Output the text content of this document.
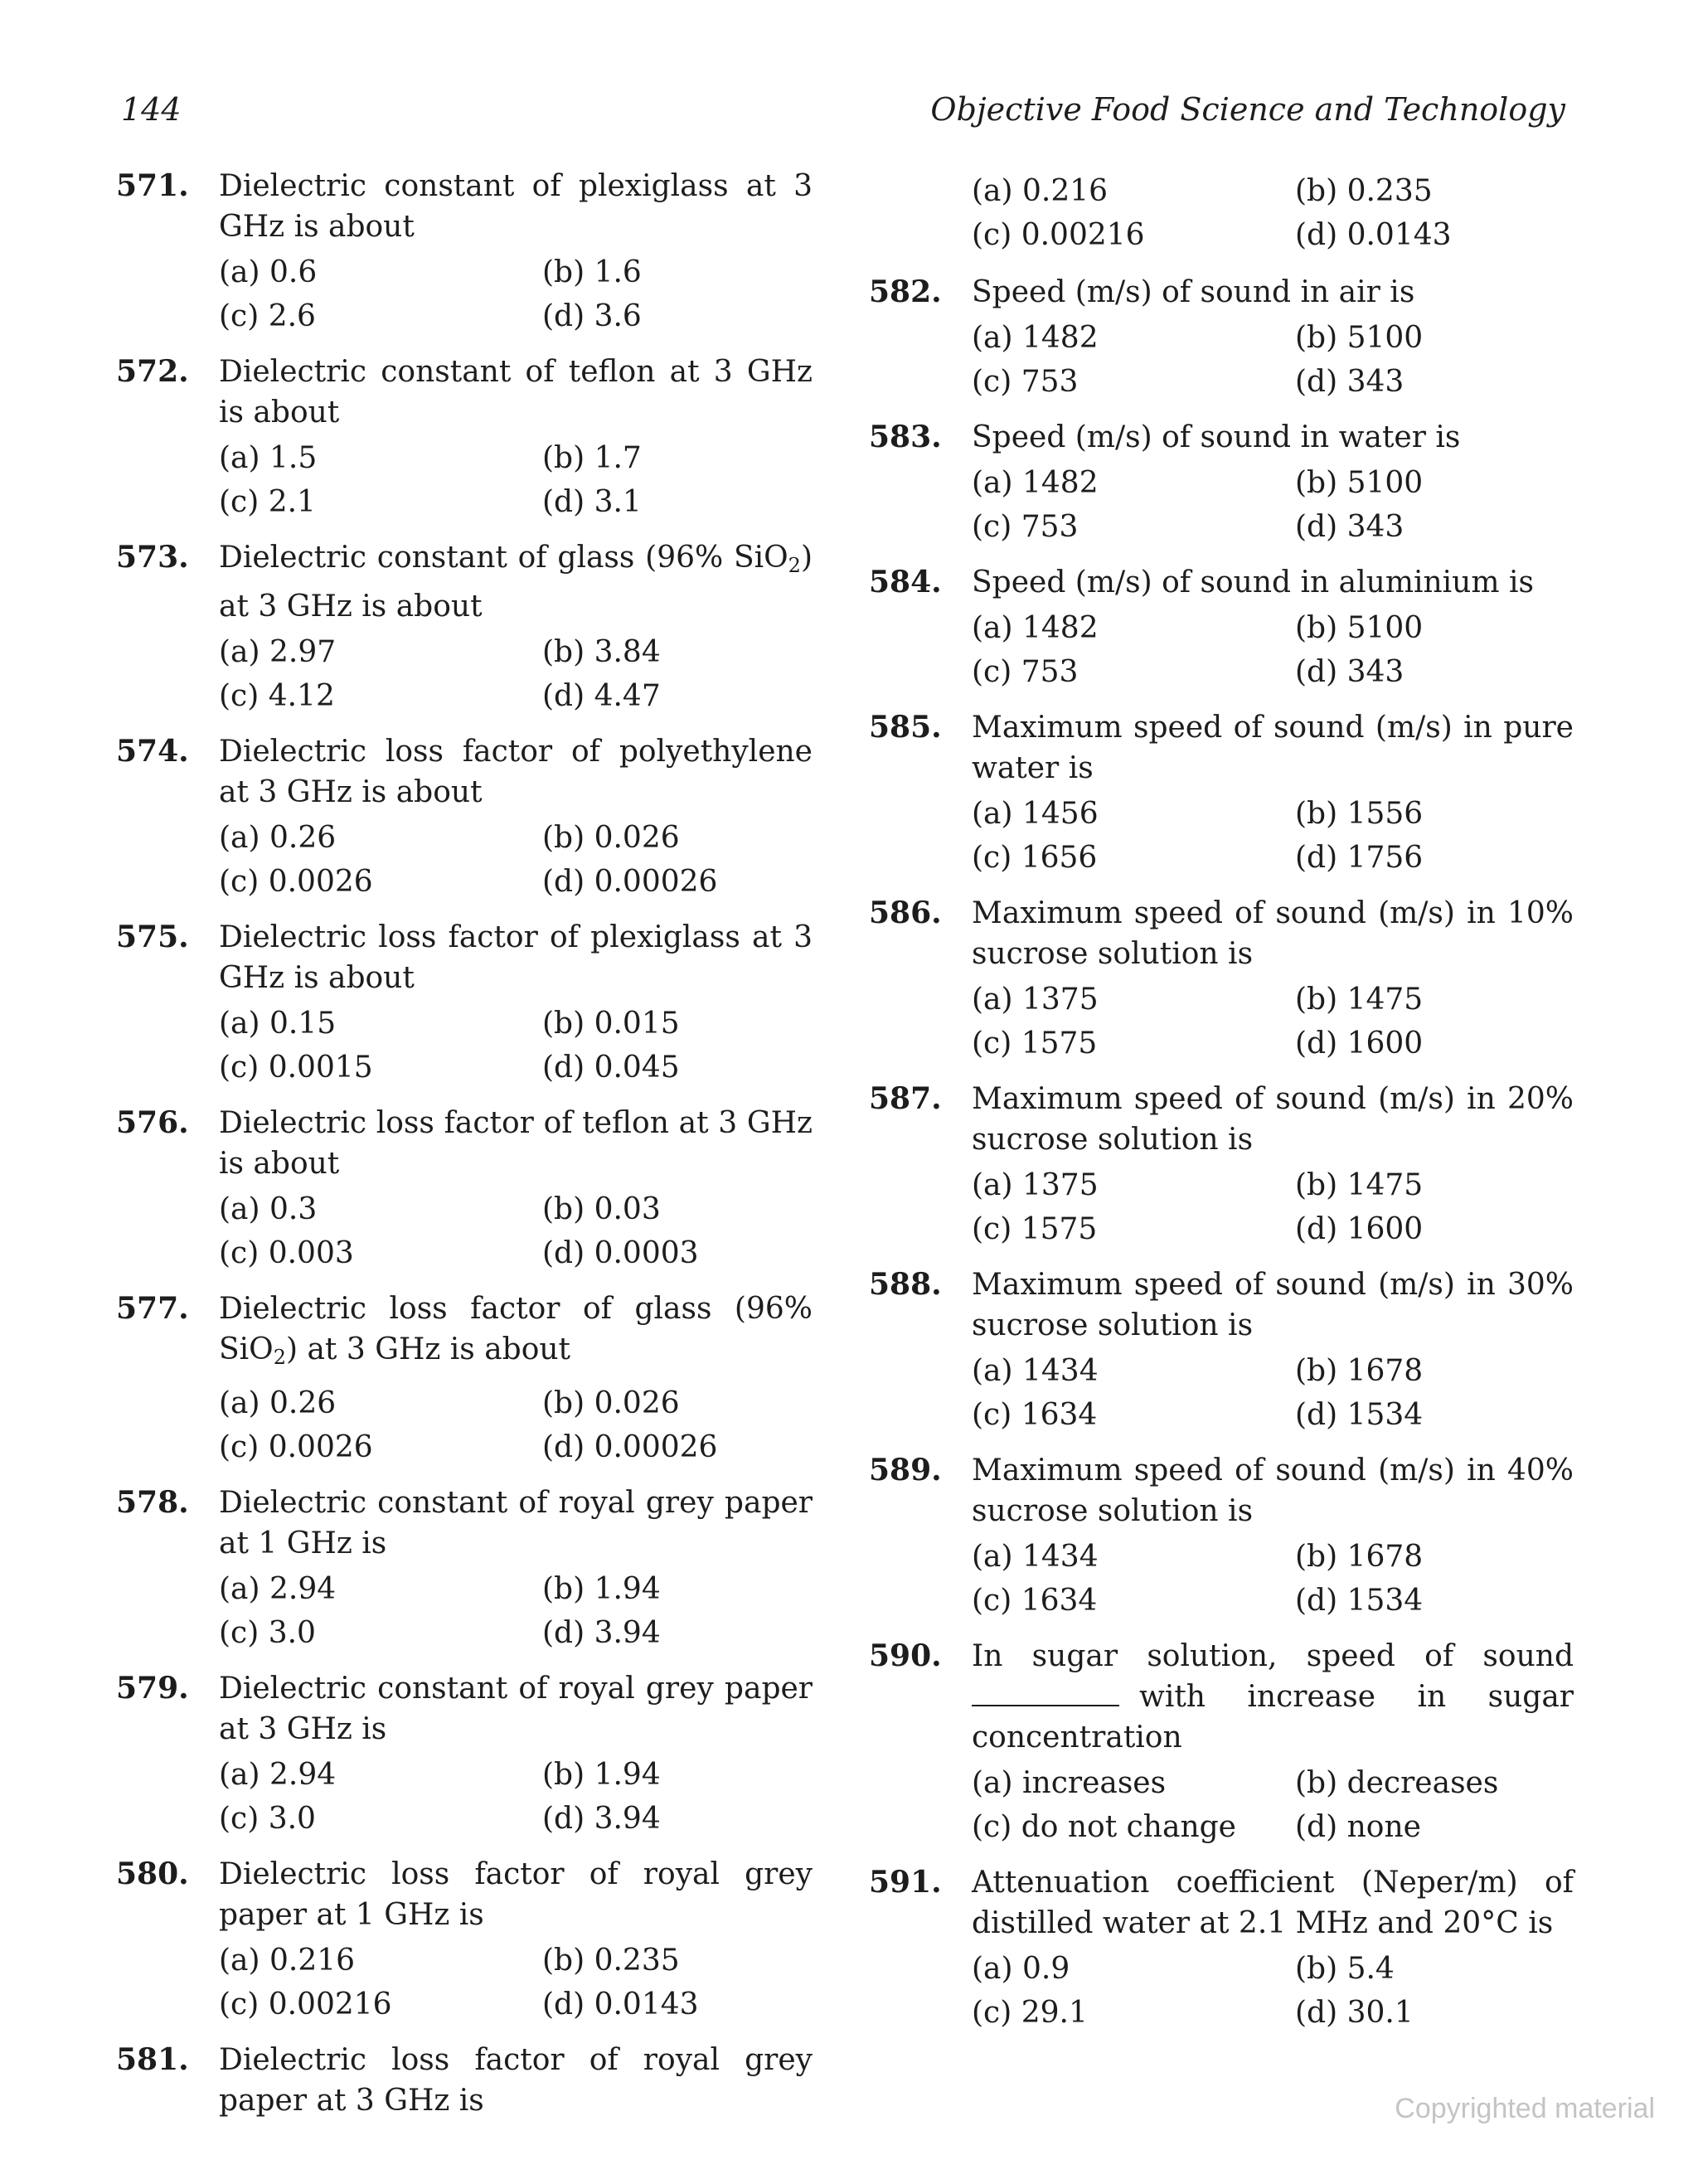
144	Objective Food Science and Technology
571. Dielectric constant of plexiglass at 3 GHz is about
(a) 0.6	(b) 1.6
(c) 2.6	(d) 3.6
572. Dielectric constant of teflon at 3 GHz is about
(a) 1.5	(b) 1.7
(c) 2.1	(d) 3.1
573. Dielectric constant of glass (96% SiO$_2$) at 3 GHz is about
(a) 2.97	(b) 3.84
(c) 4.12	(d) 4.47
574. Dielectric loss factor of polyethylene at 3 GHz is about
(a) 0.26	(b) 0.026
(c) 0.0026	(d) 0.00026
575. Dielectric loss factor of plexiglass at 3 GHz is about
(a) 0.15	(b) 0.015
(c) 0.0015	(d) 0.045
576. Dielectric loss factor of teflon at 3 GHz is about
(a) 0.3	(b) 0.03
(c) 0.003	(d) 0.0003
577. Dielectric loss factor of glass (96% SiO$_2$) at 3 GHz is about
(a) 0.26	(b) 0.026
(c) 0.0026	(d) 0.00026
578. Dielectric constant of royal grey paper at 1 GHz is
(a) 2.94	(b) 1.94
(c) 3.0	(d) 3.94
579. Dielectric constant of royal grey paper at 3 GHz is
(a) 2.94	(b) 1.94
(c) 3.0	(d) 3.94
580. Dielectric loss factor of royal grey paper at 1 GHz is
(a) 0.216	(b) 0.235
(c) 0.00216	(d) 0.0143
581. Dielectric loss factor of royal grey paper at 3 GHz is
(a) 0.216	(b) 0.235
(c) 0.00216	(d) 0.0143
582. Speed (m/s) of sound in air is
(a) 1482	(b) 5100
(c) 753	(d) 343
583. Speed (m/s) of sound in water is
(a) 1482	(b) 5100
(c) 753	(d) 343
584. Speed (m/s) of sound in aluminium is
(a) 1482	(b) 5100
(c) 753	(d) 343
585. Maximum speed of sound (m/s) in pure water is
(a) 1456	(b) 1556
(c) 1656	(d) 1756
586. Maximum speed of sound (m/s) in 10% sucrose solution is
(a) 1375	(b) 1475
(c) 1575	(d) 1600
587. Maximum speed of sound (m/s) in 20% sucrose solution is
(a) 1375	(b) 1475
(c) 1575	(d) 1600
588. Maximum speed of sound (m/s) in 30% sucrose solution is
(a) 1434	(b) 1678
(c) 1634	(d) 1534
589. Maximum speed of sound (m/s) in 40% sucrose solution is
(a) 1434	(b) 1678
(c) 1634	(d) 1534
590. In sugar solution, speed of sound with increase in sugar concentration
(a) increases	(b) decreases
(c) do not change	(d) none
591. Attenuation coefficient (Neper/m) of distilled water at 2.1 MHz and 20°C is
(a) 0.9	(b) 5.4
(c) 29.1	(d) 30.1
Copyrighted material
